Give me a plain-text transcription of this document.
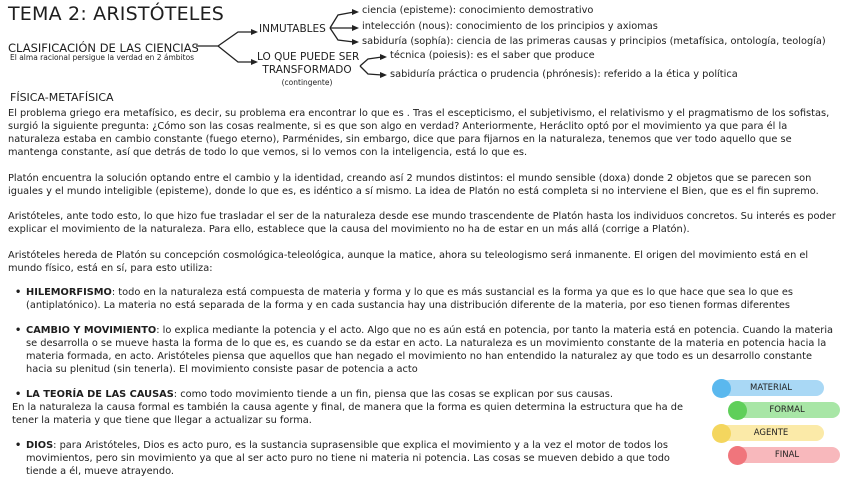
TEMA 2: ARISTÓTELES
CLASIFICACIÓN DE LAS CIENCIAS
El alma racional persigue la verdad en 2 ámbitos
INMUTABLES
ciencia (episteme): conocimiento demostrativo
intelección (nous): conocimiento de los principios y axiomas
sabiduría (sophía): ciencia de las primeras causas y principios (metafísica, ontología, teología)
LO QUE PUEDE SER
TRANSFORMADO
(contingente)
técnica (poiesis): es el saber que produce
sabiduría práctica o prudencia (phrónesis): referido a la ética y política
FÍSICA-METAFÍSICA

El problema griego era metafísico, es decir, su problema era encontrar lo que es . Tras el escepticismo, el subjetivismo, el relativismo y el pragmatismo de los sofistas, surgió la siguiente pregunta: ¿Cómo son las cosas realmente, si es que son algo en verdad? Anteriormente, Heráclito optó por el movimiento ya que para él la naturaleza estaba en cambio constante (fuego eterno), Parménides, sin embargo, dice que para fijarnos en la naturaleza, tenemos que ver todo aquello que se mantenga constante, así que detrás de todo lo que vemos, si lo vemos con la inteligencia, está lo que es.

Platón encuentra la solución optando entre el cambio y la identidad, creando así 2 mundos distintos: el mundo sensible (doxa) donde 2 objetos que se parecen son iguales y el mundo inteligible (episteme), donde lo que es, es idéntico a sí mismo. La idea de Platón no está completa si no interviene el Bien, que es el fin supremo.

Aristóteles, ante todo esto, lo que hizo fue trasladar el ser de la naturaleza desde ese mundo trascendente de Platón hasta los individuos concretos. Su interés es poder explicar el movimiento de la naturaleza. Para ello, establece que la causa del movimiento no ha de estar en un más allá (corrige a Platón).

Aristóteles hereda de Platón su concepción cosmológica-teleológica, aunque la matice, ahora su teleologismo será inmanente. El origen del movimiento está en el mundo físico, está en sí, para esto utiliza:

• HILEMORFISMO: todo en la naturaleza está compuesta de materia y forma y lo que es más sustancial es la forma ya que es lo que hace que sea lo que es (antiplatónico). La materia no está separada de la forma y en cada sustancia hay una distribución diferente de la materia, por eso tienen formas diferentes

• CAMBIO Y MOVIMIENTO: lo explica mediante la potencia y el acto. Algo que no es aún está en potencia, por tanto la materia está en potencia. Cuando la materia se desarrolla o se mueve hasta la forma de lo que es, es cuando se da estar en acto. La naturaleza es un movimiento constante de la materia en potencia hacia la materia formada, en acto. Aristóteles piensa que aquellos que han negado el movimiento no han entendido la naturalez ay que todo es un desarrollo constante hacia su plenitud (sin tenerla). El movimiento consiste pasar de potencia a acto

• LA TEORÍA DE LAS CAUSAS: como todo movimiento tiende a un fin, piensa que las cosas se explican por sus causas.

En la naturaleza la causa formal es también la causa agente y final, de manera que la forma es quien determina la estructura que ha de tener la materia y que tiene que llegar a actualizar su forma.

• DIOS: para Aristóteles, Dios es acto puro, es la sustancia suprasensible que explica el movimiento y a la vez el motor de todos los movimientos, pero sin movimiento ya que al ser acto puro no tiene ni materia ni potencia. Las cosas se mueven debido a que todo tiende a él, mueve atrayendo.

MATERIAL
FORMAL
AGENTE
FINAL
